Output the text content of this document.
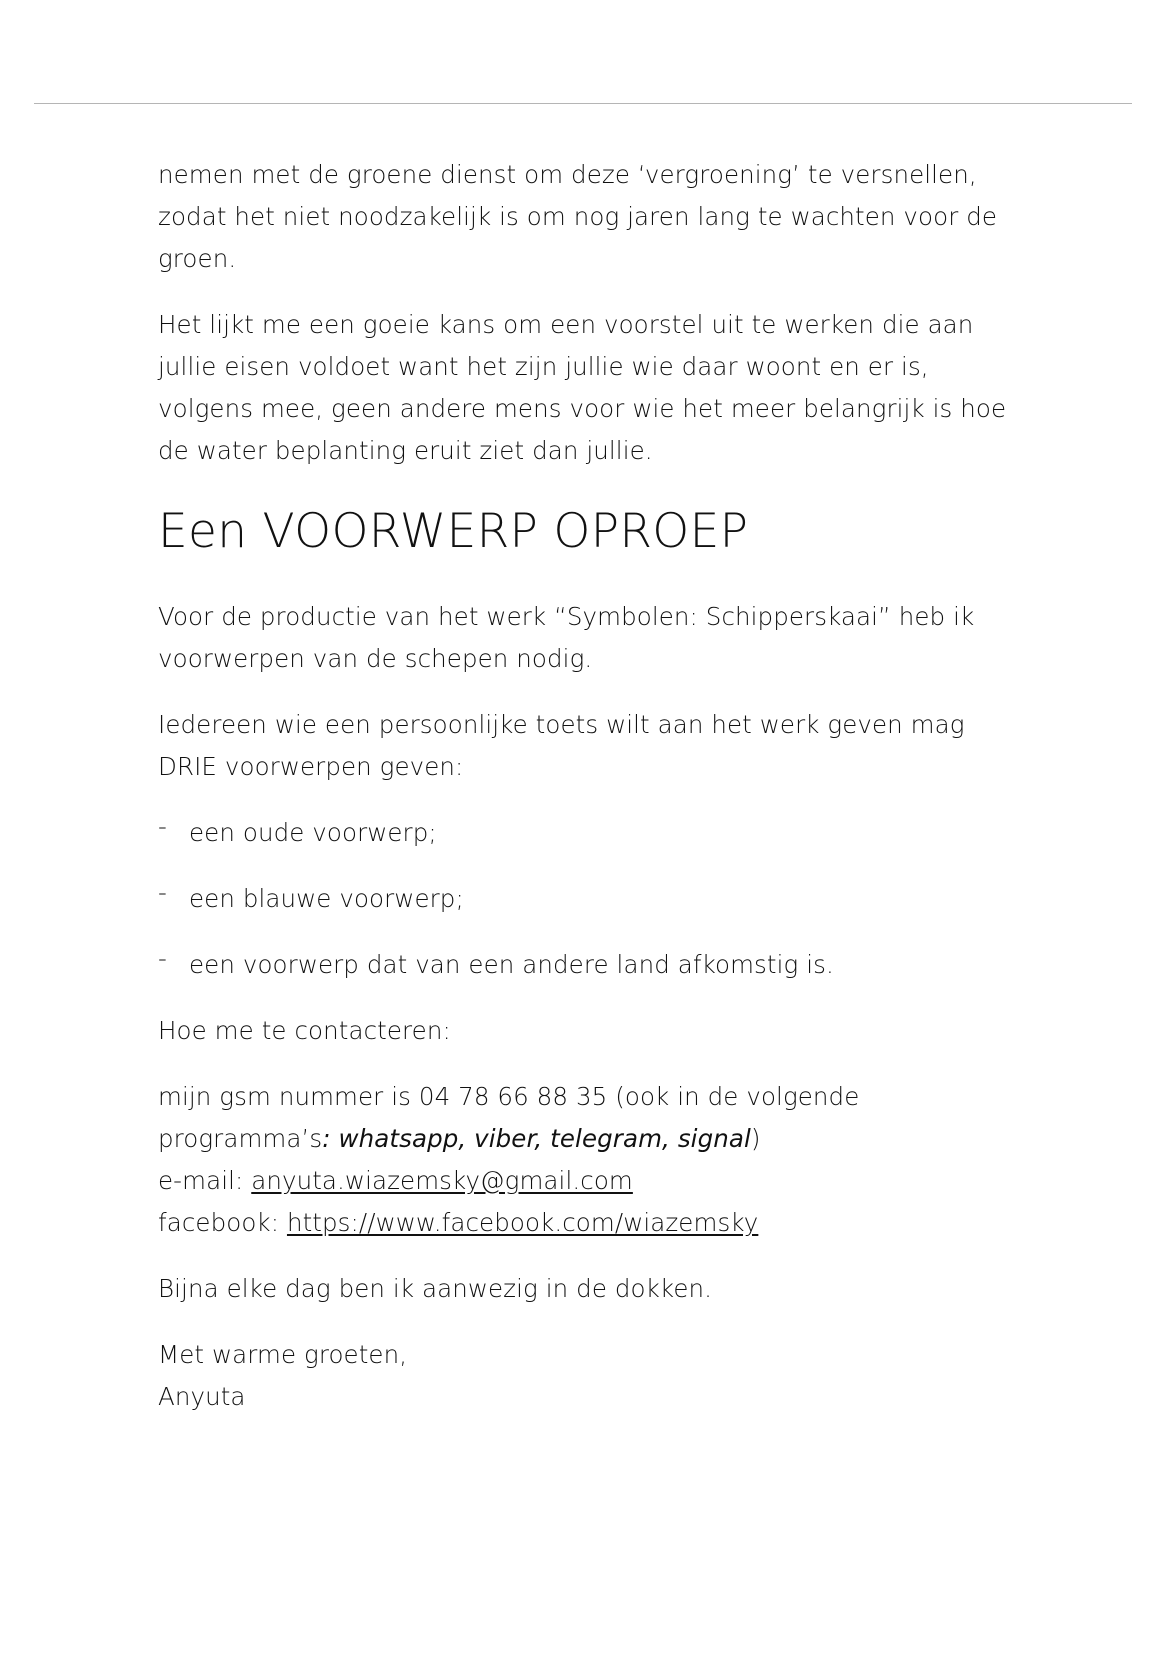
nemen met de groene dienst om deze ‘vergroening’ te versnellen, zodat het niet noodzakelijk is om nog jaren lang te wachten voor de groen.

Het lijkt me een goeie kans om een voorstel uit te werken die aan jullie eisen voldoet want het zijn jullie wie daar woont en er is, volgens mee, geen andere mens voor wie het meer belangrijk is hoe de water beplanting eruit ziet dan jullie.

Een VOORWERP OPROEP

Voor de productie van het werk “Symbolen: Schipperskaai” heb ik voorwerpen van de schepen nodig.

Iedereen wie een persoonlijke toets wilt aan het werk geven mag DRIE voorwerpen geven:

- een oude voorwerp;
- een blauwe voorwerp;
- een voorwerp dat van een andere land afkomstig is.

Hoe me te contacteren:

mijn gsm nummer is 04 78 66 88 35 (ook in de volgende
programma’s: whatsapp, viber, telegram, signal)
e-mail: anyuta.wiazemsky@gmail.com
facebook: https://www.facebook.com/wiazemsky

Bijna elke dag ben ik aanwezig in de dokken.

Met warme groeten,
Anyuta
